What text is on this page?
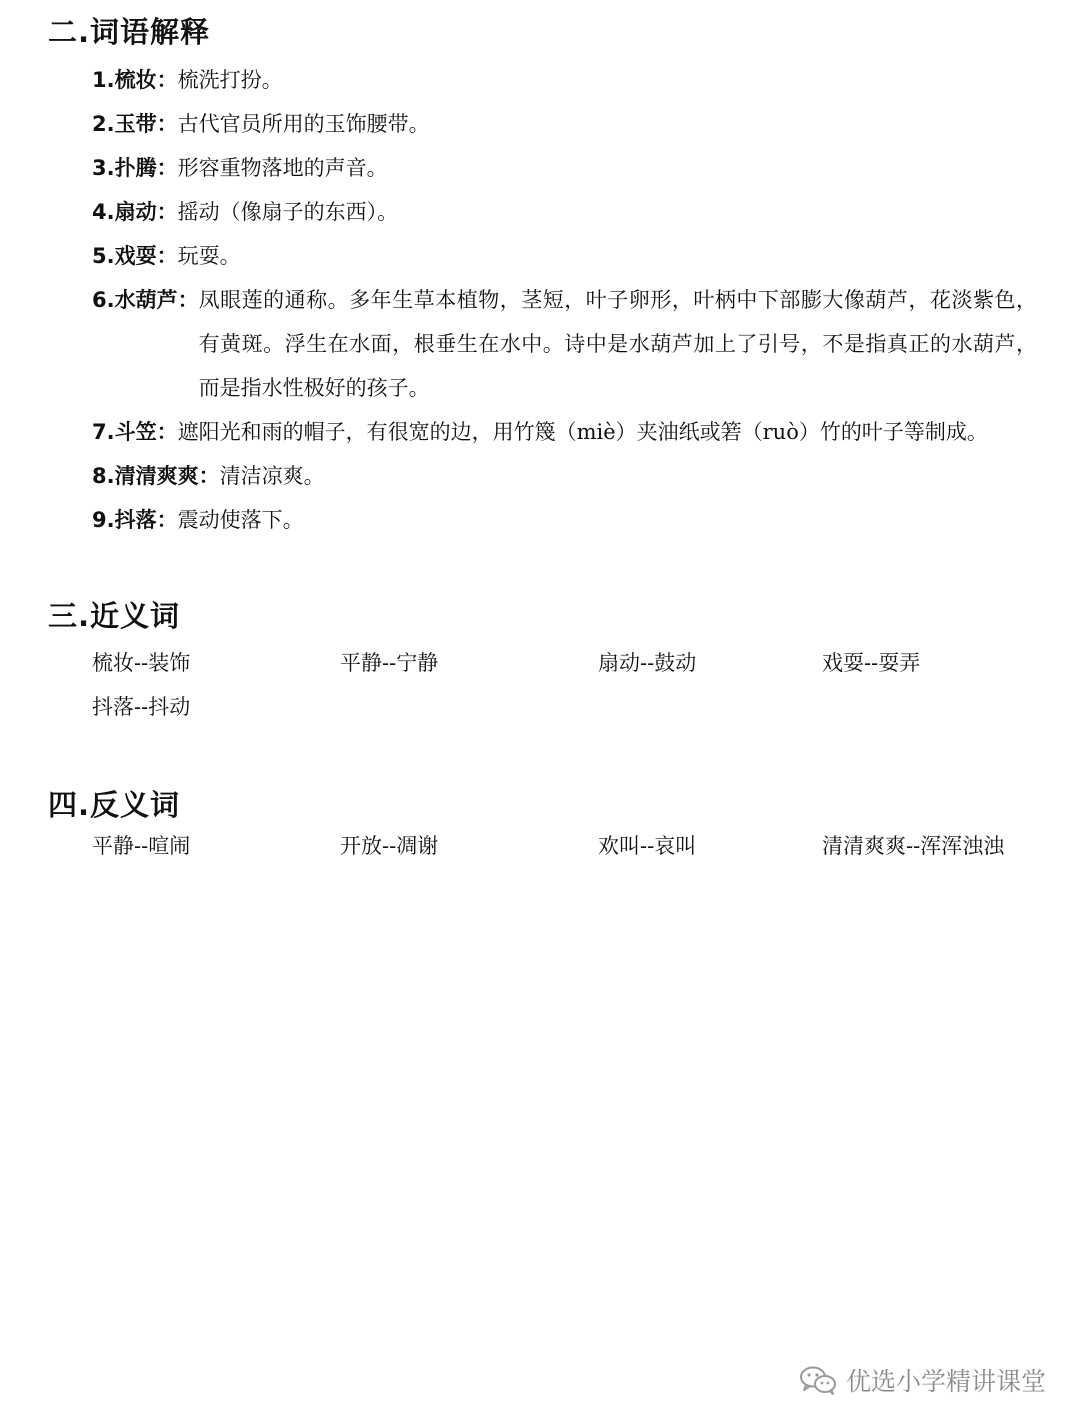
二.词语解释
1.梳妆： 梳洗打扮。
2.玉带： 古代官员所用的玉饰腰带。
3.扑腾： 形容重物落地的声音。
4.扇动： 摇动（像扇子的东西）。
5.戏耍： 玩耍。
6.水葫芦： 凤眼莲的通称。多年生草本植物，茎短，叶子卵形，叶柄中下部膨大像葫芦，花淡紫色，有黄斑。浮生在水面，根垂生在水中。诗中是水葫芦加上了引号，不是指真正的水葫芦，而是指水性极好的孩子。
7.斗笠： 遮阳光和雨的帽子，有很宽的边，用竹篾（miè）夹油纸或箬（ruò）竹的叶子等制成。
8.清清爽爽： 清洁凉爽。
9.抖落： 震动使落下。
三.近义词
梳妆--装饰	平静--宁静	扇动--鼓动	戏耍--耍弄
抖落--抖动
四.反义词
平静--喧闹	开放--凋谢	欢叫--哀叫	清清爽爽--浑浑浊浊
优选小学精讲课堂
